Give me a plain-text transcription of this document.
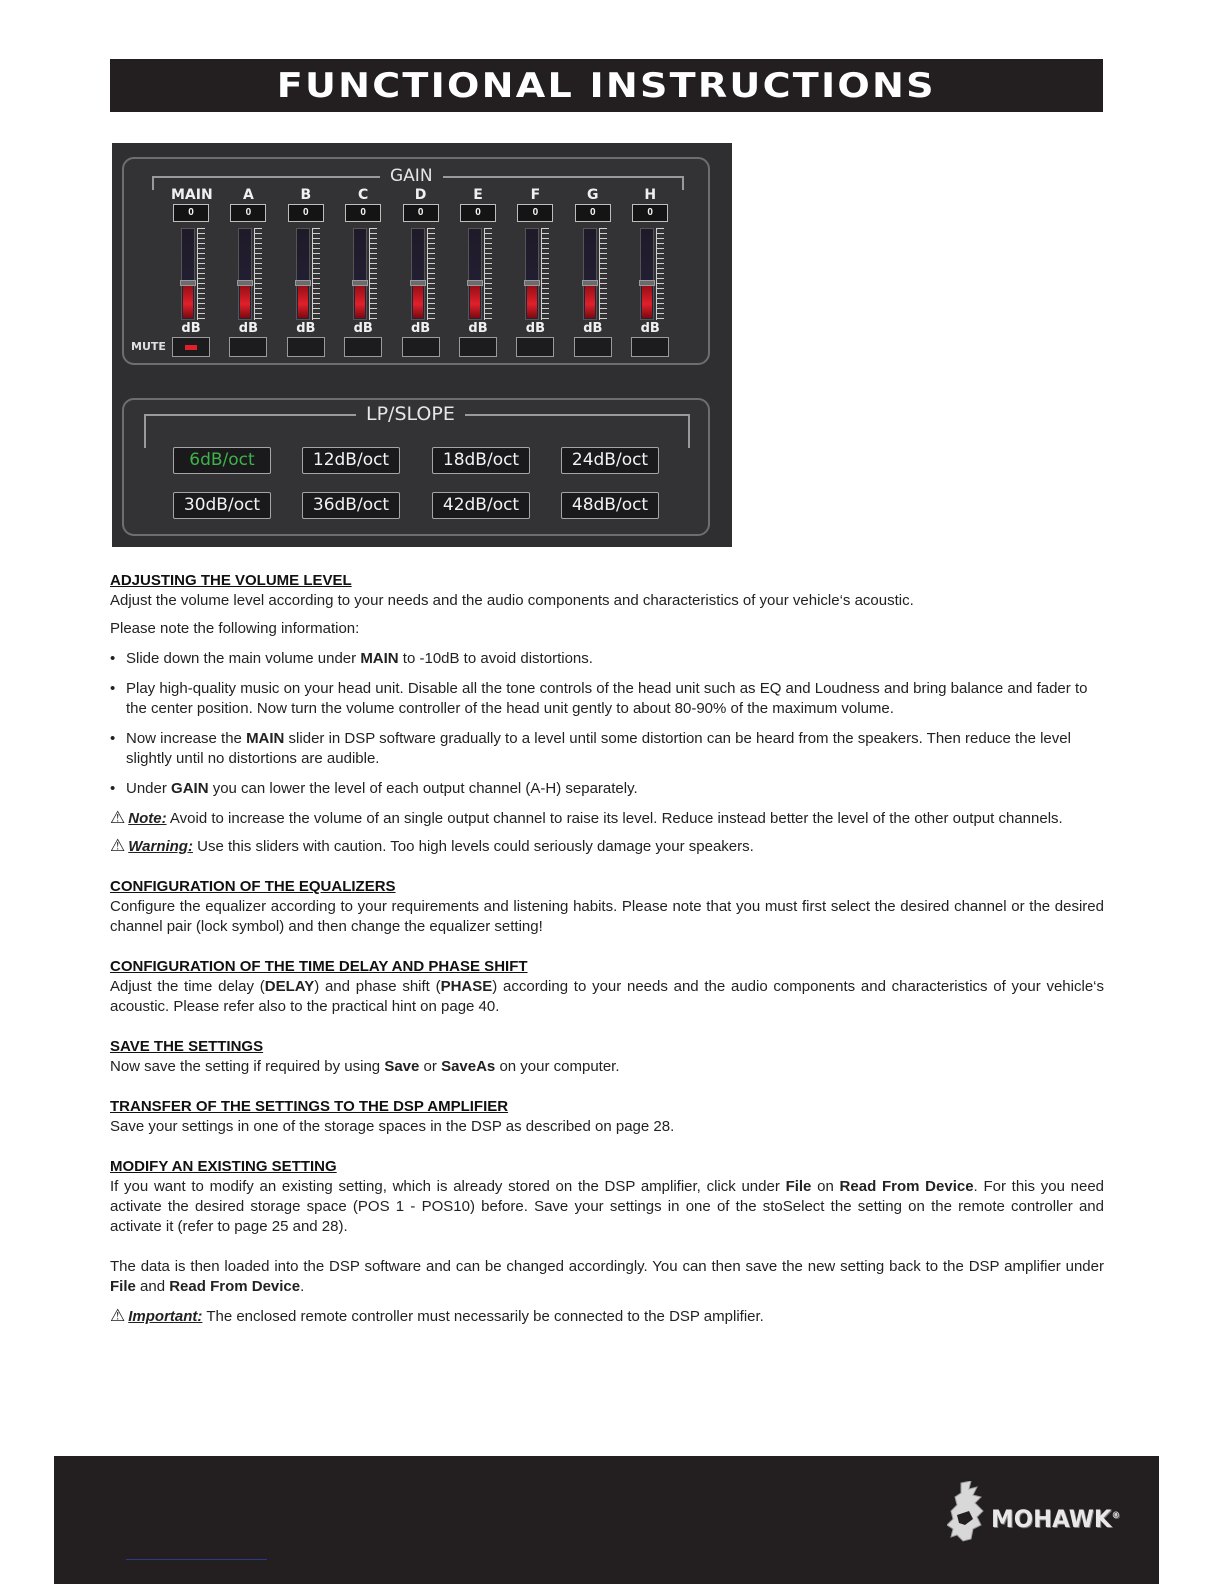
FUNCTIONAL INSTRUCTIONS
GAIN
MAIN
0
dB
A
0
dB
B
0
dB
C
0
dB
D
0
dB
E
0
dB
F
0
dB
G
0
dB
H
0
dB
MUTE
LP/SLOPE
6dB/oct	12dB/oct	18dB/oct	24dB/oct
30dB/oct	36dB/oct	42dB/oct	48dB/oct
ADJUSTING THE VOLUME LEVEL

Adjust the volume level according to your needs and the audio components and characteristics of your vehicle‘s acoustic.

Please note the following information:

• Slide down the main volume under MAIN to -10dB to avoid distortions.
• Play high-quality music on your head unit. Disable all the tone controls of the head unit such as EQ and Loudness and bring balance and fader to the center position. Now turn the volume controller of the head unit gently to about 80-90% of the maximum volume.
• Now increase the MAIN slider in DSP software gradually to a level until some distortion can be heard from the speakers. Then reduce the level slightly until no distortions are audible.
• Under GAIN you can lower the level of each output channel (A-H) separately.

⚠ Note: Avoid to increase the volume of an single output channel to raise its level. Reduce instead better the level of the other output channels.

⚠ Warning: Use this sliders with caution. Too high levels could seriously damage your speakers.

CONFIGURATION OF THE EQUALIZERS

Configure the equalizer according to your requirements and listening habits. Please note that you must first select the desired channel or the desired channel pair (lock symbol) and then change the equalizer setting!

CONFIGURATION OF THE TIME DELAY AND PHASE SHIFT

Adjust the time delay (DELAY) and phase shift (PHASE) according to your needs and the audio components and characteristics of your vehicle‘s acoustic. Please refer also to the practical hint on page 40.

SAVE THE SETTINGS

Now save the setting if required by using Save or SaveAs on your computer.

TRANSFER OF THE SETTINGS TO THE DSP AMPLIFIER

Save your settings in one of the storage spaces in the DSP as described on page 28.

MODIFY AN EXISTING SETTING

If you want to modify an existing setting, which is already stored on the DSP amplifier, click under File on Read From Device. For this you need activate the desired storage space (POS 1 - POS10) before. Save your settings in one of the stoSelect the setting on the remote controller and activate it (refer to page 25 and 28).

The data is then loaded into the DSP software and can be changed accordingly. You can then save the new setting back to the DSP amplifier under File and Read From Device.

⚠ Important: The enclosed remote controller must necessarily be connected to the DSP amplifier.

MOHAWK®
